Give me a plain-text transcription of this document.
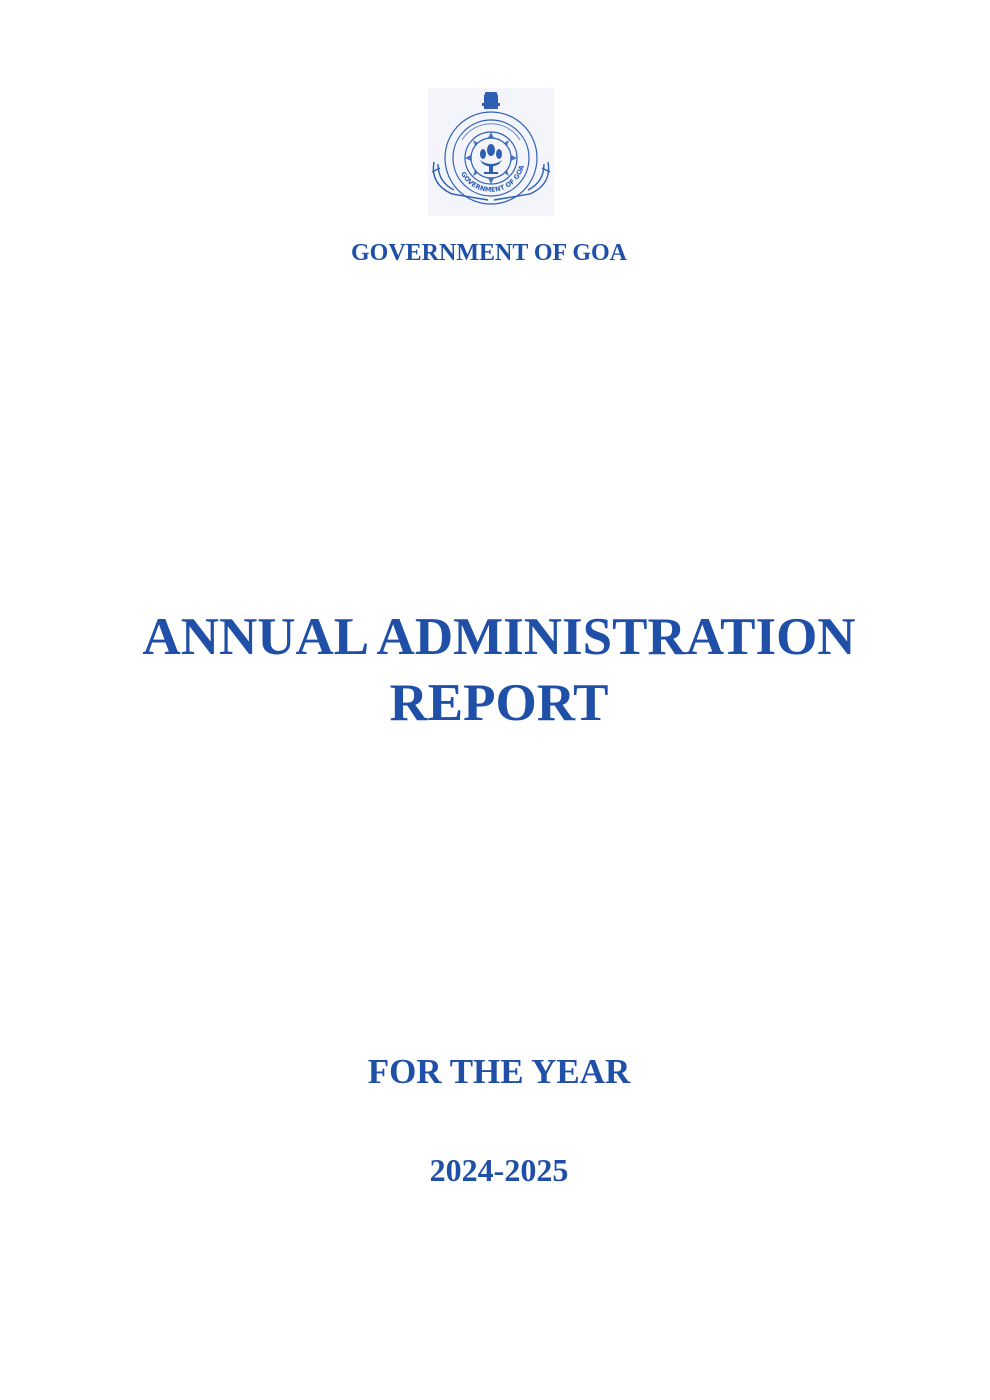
GOVERNMENT OF GOA
GOVERNMENT OF GOA
ANNUAL ADMINISTRATION
REPORT
FOR THE YEAR
2024-2025
